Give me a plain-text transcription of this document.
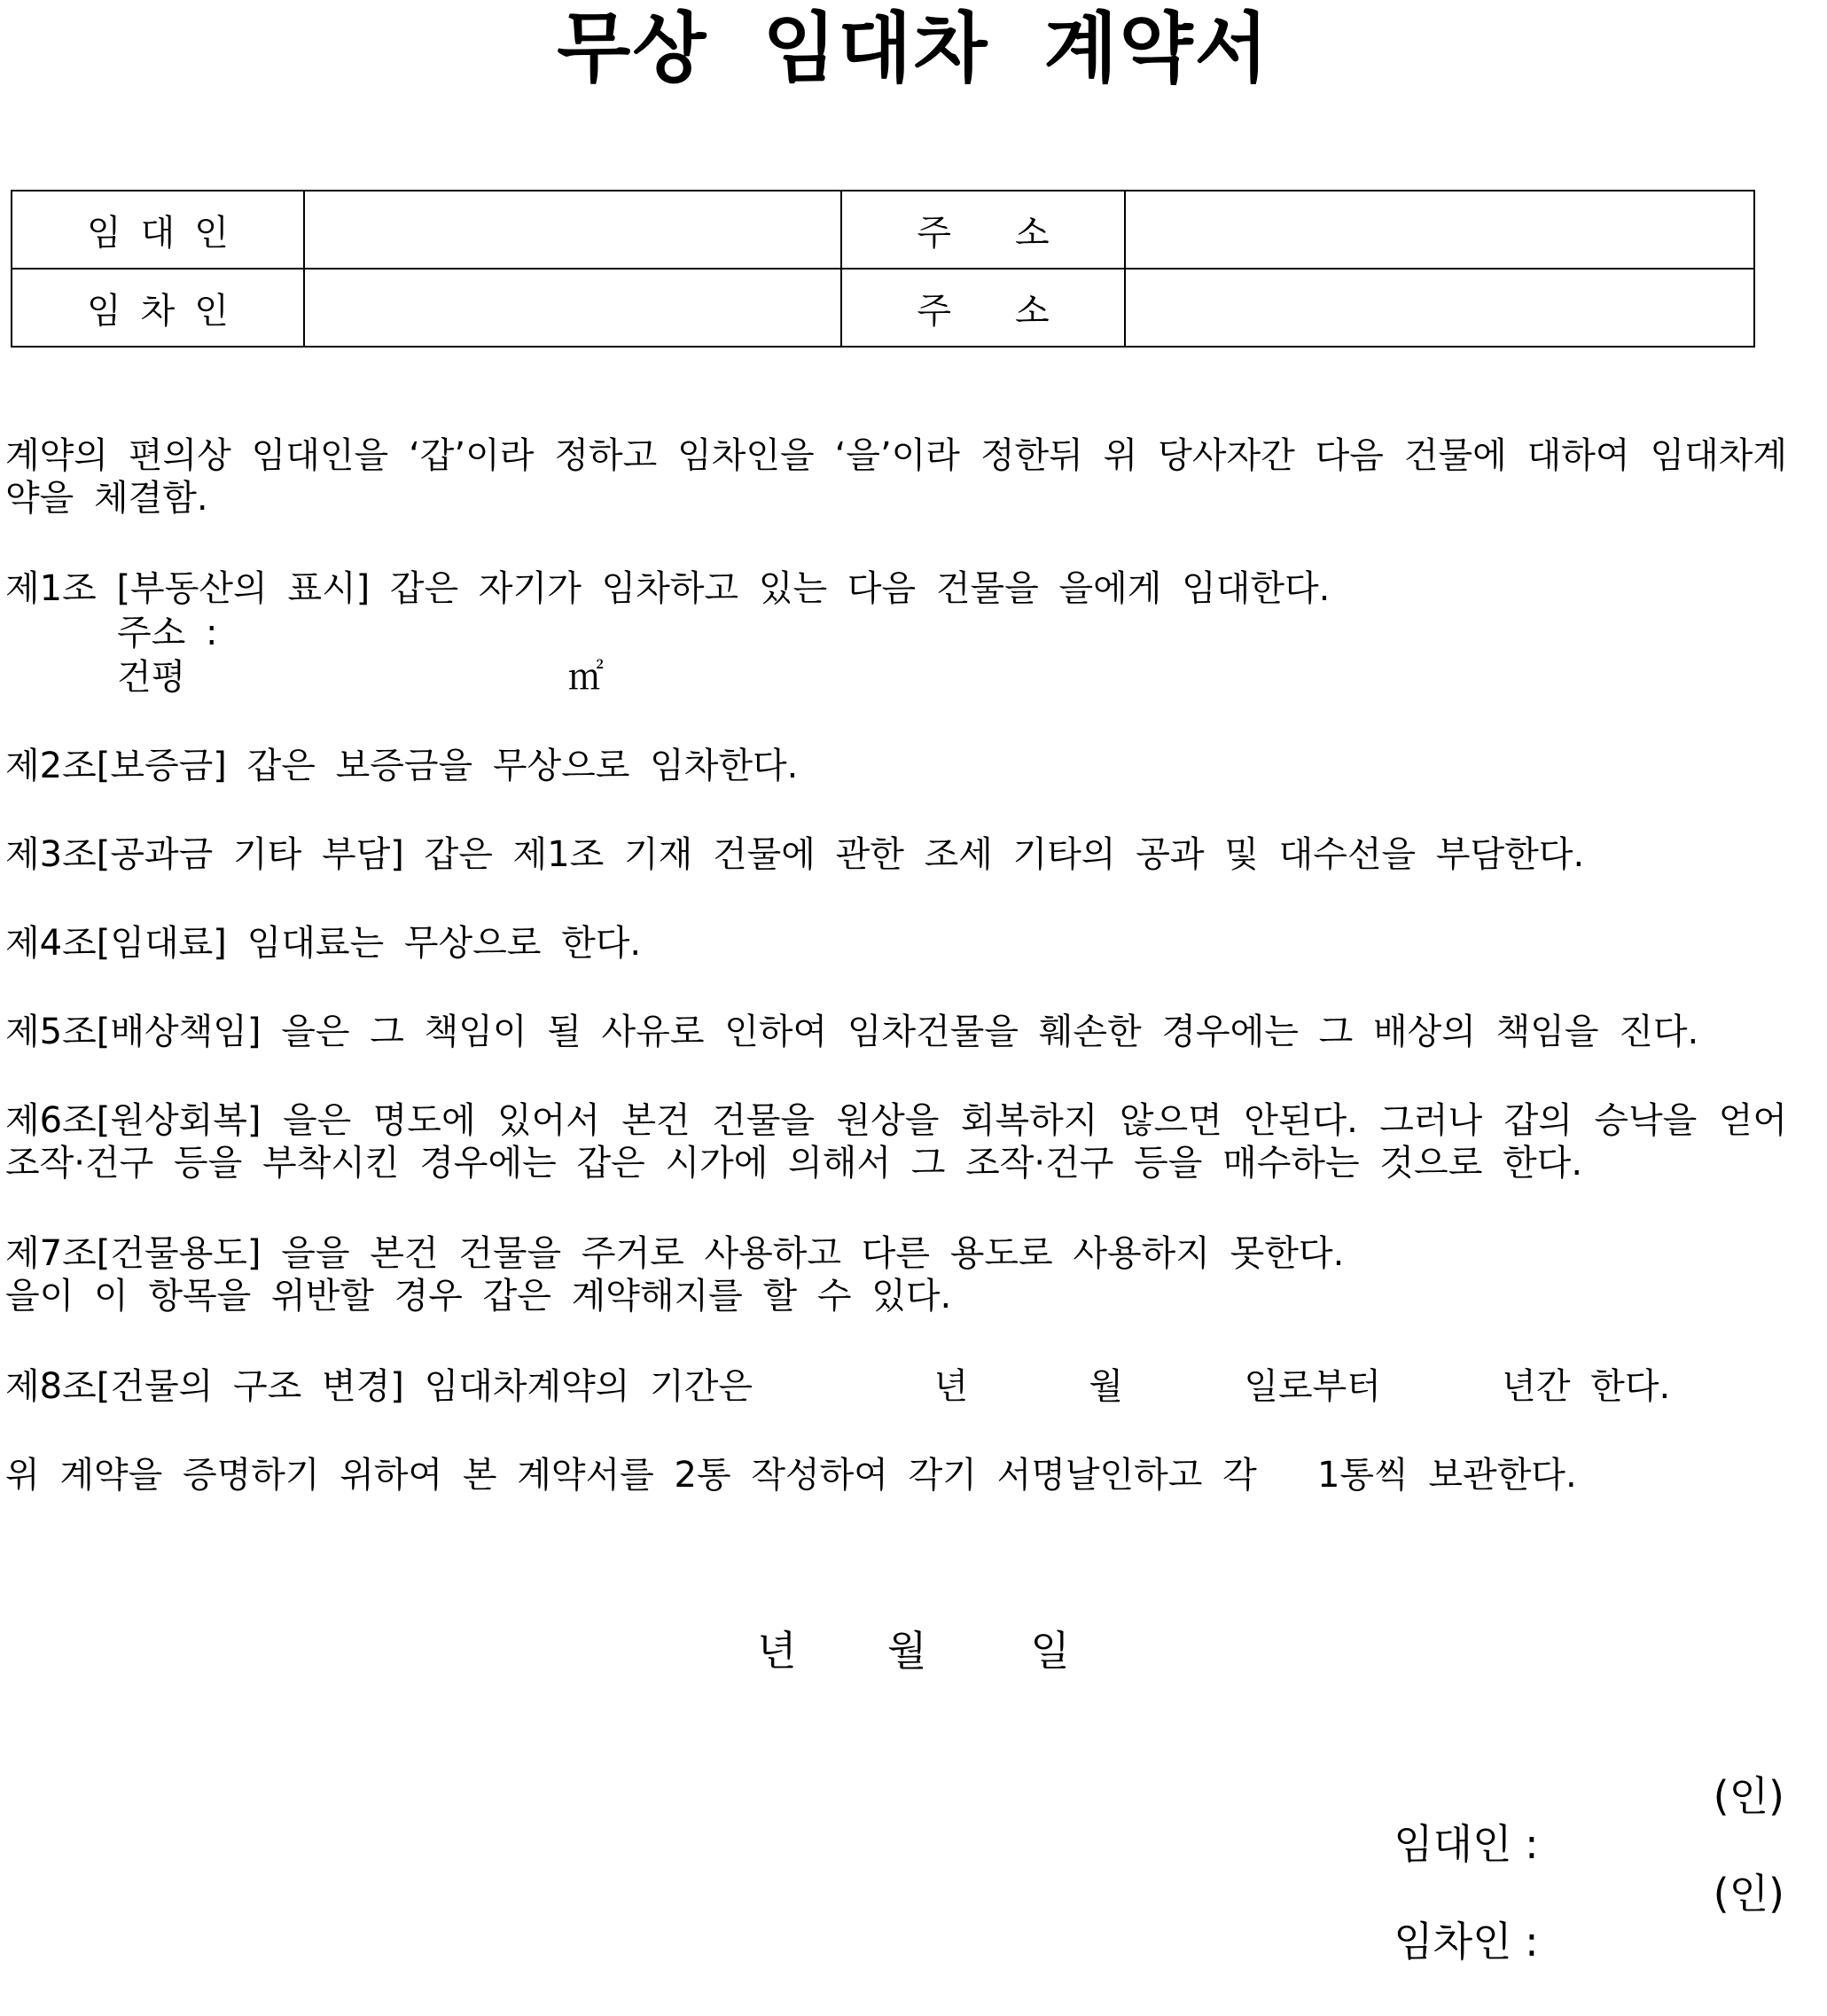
무상 임대차 계약서
임대인		주소	
임차인		주소	
계약의 편의상 임대인을 ‘갑’이라 정하고 임차인을 ‘을’이라 정한뒤 위 당사자간 다음 건물에 대하여 임대차계약을 체결함.
제1조 [부동산의 표시] 갑은 자기가 임차하고 있는 다음 건물을 을에게 임대한다.
주소 :
건평                   ㎡
제2조[보증금] 갑은 보증금을 무상으로 임차한다.
제3조[공과금 기타 부담] 갑은 제1조 기재 건물에 관한 조세 기타의 공과 및 대수선을 부담한다.
제4조[임대료] 임대료는 무상으로 한다.
제5조[배상책임] 을은 그 책임이 될 사유로 인하여 임차건물을 훼손한 경우에는 그 배상의 책임을 진다.
제6조[원상회복] 을은 명도에 있어서 본건 건물을 원상을 회복하지 않으면 안된다. 그러나 갑의 승낙을 얻어 조작·건구 등을 부착시킨 경우에는 갑은 시가에 의해서 그 조작·건구 등을 매수하는 것으로 한다.
제7조[건물용도] 을을 본건 건물을 주거로 사용하고 다른 용도로 사용하지 못한다.
을이 이 항목을 위반할 경우 갑은 계약해지를 할 수 있다.
제8조[건물의 구조 변경] 임대차계약의 기간은         년      월      일로부터      년간 한다.
위 계약을 증명하기 위하여 본 계약서를 2통 작성하여 각기 서명날인하고 각   1통씩 보관한다.
년       월        일

임대인 :

(인)

임차인 :

(인)
